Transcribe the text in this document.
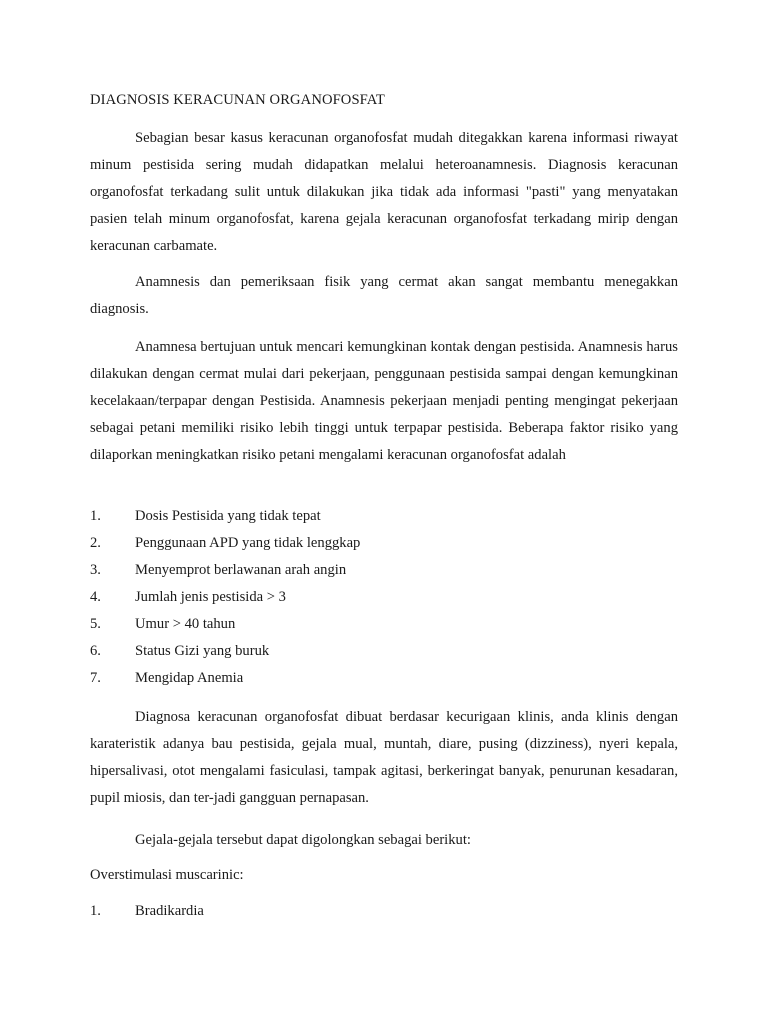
DIAGNOSIS KERACUNAN ORGANOFOSFAT

Sebagian besar kasus keracunan organofosfat mudah ditegakkan karena informasi riwayat minum pestisida sering mudah didapatkan melalui heteroanamnesis. Diagnosis keracunan organofosfat terkadang sulit untuk dilakukan jika tidak ada informasi "pasti" yang menyatakan pasien telah minum organofosfat, karena gejala keracunan organofosfat terkadang mirip dengan keracunan carbamate.

Anamnesis dan pemeriksaan fisik yang cermat akan sangat membantu menegakkan diagnosis.

Anamnesa bertujuan untuk mencari kemungkinan kontak dengan pestisida. Anamnesis harus dilakukan dengan cermat mulai dari pekerjaan, penggunaan pestisida sampai dengan kemungkinan kecelakaan/terpapar dengan Pestisida. Anamnesis pekerjaan menjadi penting mengingat pekerjaan sebagai petani memiliki risiko lebih tinggi untuk terpapar pestisida. Beberapa faktor risiko yang dilaporkan meningkatkan risiko petani mengalami keracunan organofosfat adalah

1. Dosis Pestisida yang tidak tepat
2. Penggunaan APD yang tidak lenggkap
3. Menyemprot berlawanan arah angin
4. Jumlah jenis pestisida > 3
5. Umur > 40 tahun
6. Status Gizi yang buruk
7. Mengidap Anemia

Diagnosa keracunan organofosfat dibuat berdasar kecurigaan klinis, anda klinis dengan karateristik adanya bau pestisida, gejala mual, muntah, diare, pusing (dizziness), nyeri kepala, hipersalivasi, otot mengalami fasiculasi, tampak agitasi, berkeringat banyak, penurunan kesadaran, pupil miosis, dan ter-jadi gangguan pernapasan.

Gejala-gejala tersebut dapat digolongkan sebagai berikut:

Overstimulasi muscarinic:
1. Bradikardia
